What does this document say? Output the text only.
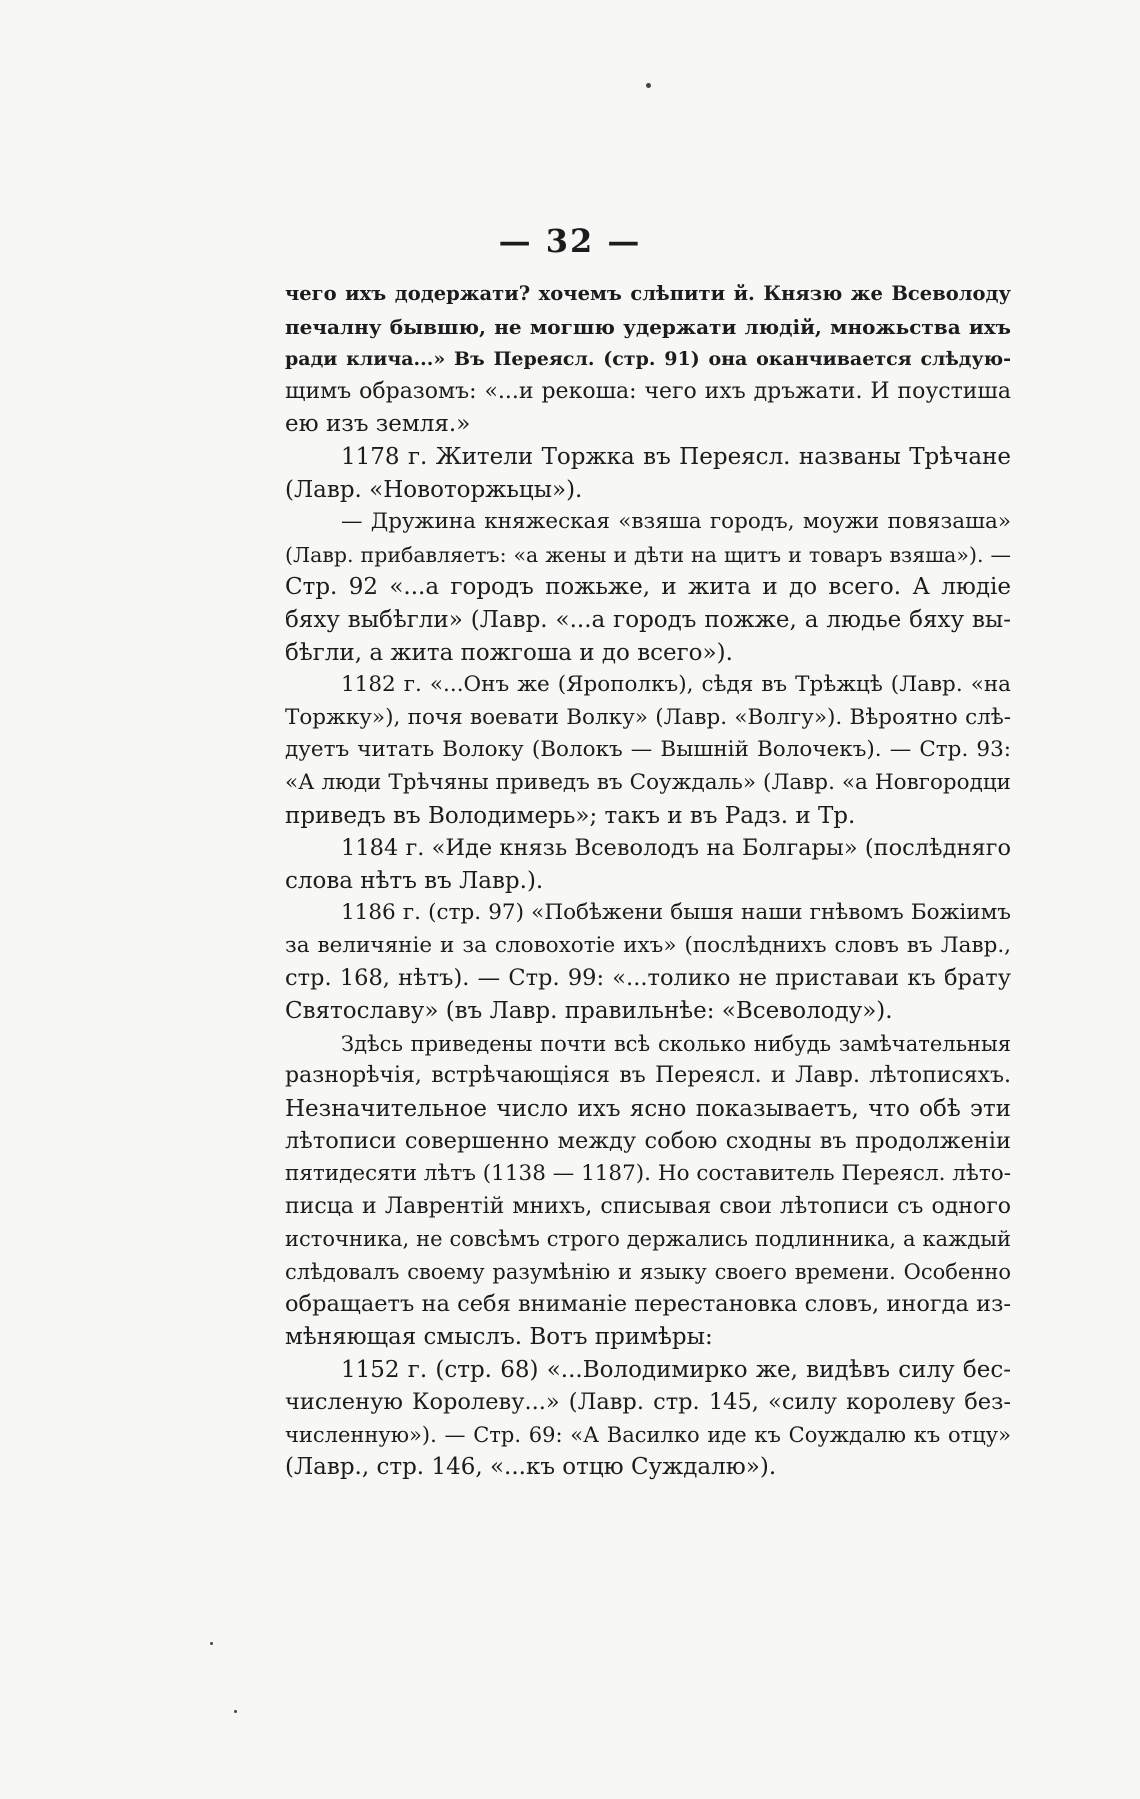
— 32 —
чего ихъ додержати? хочемъ слѣпити й. Князю же Всеволоду
печалну бывшю, не могшю удержати людій, множьства ихъ
ради клича...» Въ Переясл. (стр. 91) она оканчивается слѣдую-
щимъ образомъ: «...и рекоша: чего ихъ дръжати. И поустиша
ею изъ земля.»
1178 г. Жители Торжка въ Переясл. названы Трѣчане
(Лавр. «Новоторжьцы»).
— Дружина княжеская «взяша городъ, моужи повязаша»
(Лавр. прибавляетъ: «а жены и дѣти на щитъ и товаръ взяша»). —
Стр. 92 «...а городъ пожьже, и жита и до всего. А людіе
бяху выбѣгли» (Лавр. «...а городъ пожже, а людье бяху вы-
бѣгли, а жита пожгоша и до всего»).
1182 г. «...Онъ же (Ярополкъ), сѣдя въ Трѣжцѣ (Лавр. «на
Торжку»), почя воевати Волку» (Лавр. «Волгу»). Вѣроятно слѣ-
дуетъ читать Волоку (Волокъ — Вышній Волочекъ). — Стр. 93:
«А люди Трѣчяны приведъ въ Соуждаль» (Лавр. «а Новгородци
приведъ въ Володимерь»; такъ и въ Радз. и Тр.
1184 г. «Иде князь Всеволодъ на Болгары» (послѣдняго
слова нѣтъ въ Лавр.).
1186 г. (стр. 97) «Побѣжени бышя наши гнѣвомъ Божіимъ
за величяніе и за словохотіе ихъ» (послѣднихъ словъ въ Лавр.,
стр. 168, нѣтъ). — Стр. 99: «...толико не приставаи къ брату
Святославу» (въ Лавр. правильнѣе: «Всеволоду»).
Здѣсь приведены почти всѣ сколько нибудь замѣчательныя
разнорѣчія, встрѣчающіяся въ Переясл. и Лавр. лѣтописяхъ.
Незначительное число ихъ ясно показываетъ, что обѣ эти
лѣтописи совершенно между собою сходны въ продолженіи
пятидесяти лѣтъ (1138 — 1187). Но составитель Переясл. лѣто-
писца и Лаврентій мнихъ, списывая свои лѣтописи съ одного
источника, не совсѣмъ строго держались подлинника, а каждый
слѣдовалъ своему разумѣнію и языку своего времени. Особенно
обращаетъ на себя вниманіе перестановка словъ, иногда из-
мѣняющая смыслъ. Вотъ примѣры:
1152 г. (стр. 68) «...Володимирко же, видѣвъ силу бес-
численую Королеву...» (Лавр. стр. 145, «силу королеву без-
численную»). — Стр. 69: «А Василко иде къ Соуждалю къ отцу»
(Лавр., стр. 146, «...къ отцю Суждалю»).
